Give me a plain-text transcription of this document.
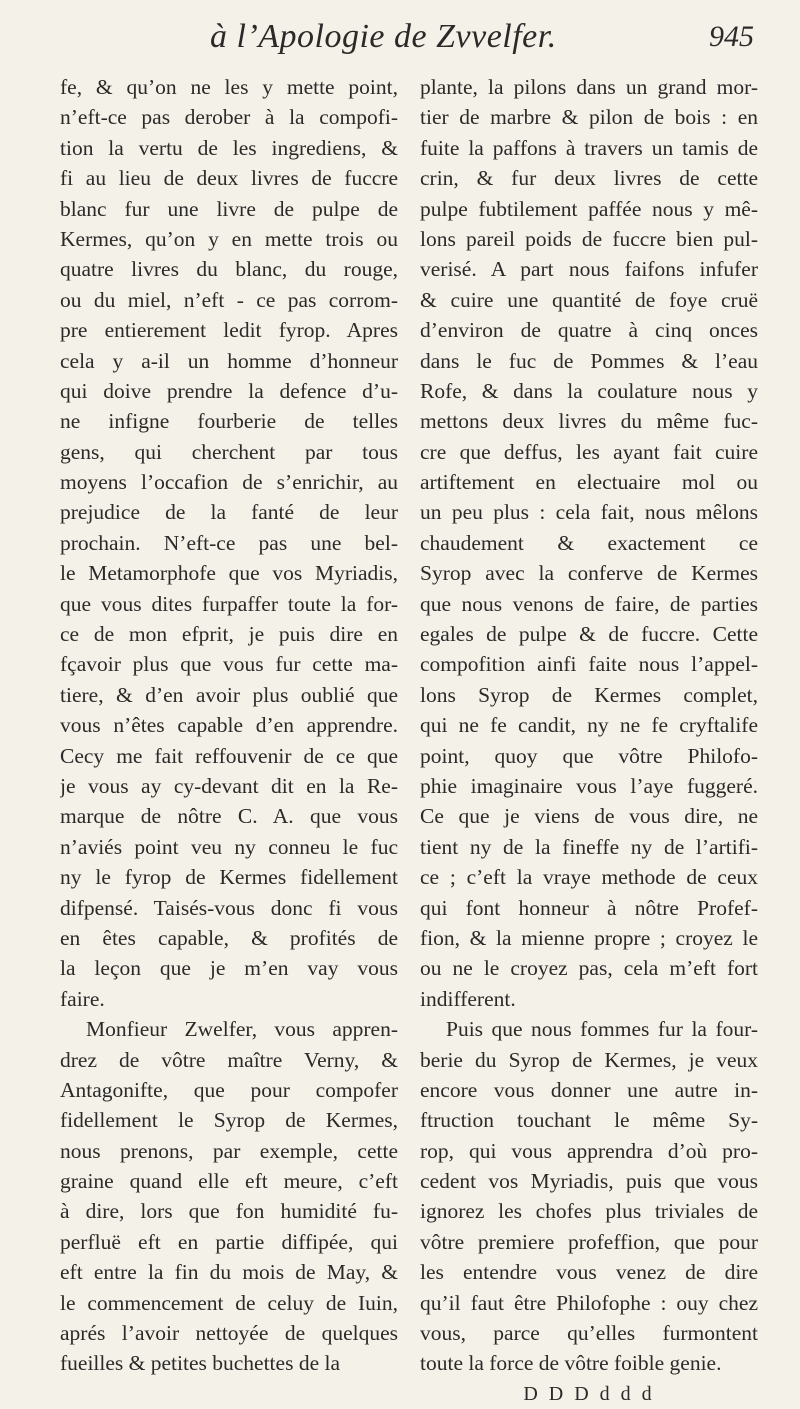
à l’Apologie de Zvvelfer.	945
fe, & qu’on ne les y mette point,
n’eft-ce pas derober à la compofi-
tion la vertu de les ingrediens, &
fi au lieu de deux livres de fuccre
blanc fur une livre de pulpe de
Kermes, qu’on y en mette trois ou
quatre livres du blanc, du rouge,
ou du miel, n’eft - ce pas corrom-
pre entierement ledit fyrop. Apres
cela y a-il un homme d’honneur
qui doive prendre la defence d’u-
ne infigne fourberie de telles
gens, qui cherchent par tous
moyens l’occafion de s’enrichir, au
prejudice de la fanté de leur
prochain. N’eft-ce pas une bel-
le Metamorphofe que vos Myriadis,
que vous dites furpaffer toute la for-
ce de mon efprit, je puis dire en
fçavoir plus que vous fur cette ma-
tiere, & d’en avoir plus oublié que
vous n’êtes capable d’en apprendre.
Cecy me fait reffouvenir de ce que
je vous ay cy-devant dit en la Re-
marque de nôtre C. A. que vous
n’aviés point veu ny conneu le fuc
ny le fyrop de Kermes fidellement
difpensé. Taisés-vous donc fi vous
en êtes capable, & profités de
la leçon que je m’en vay vous
faire.
Monfieur Zwelfer, vous appren-
drez de vôtre maître Verny, &
Antagonifte, que pour compofer
fidellement le Syrop de Kermes,
nous prenons, par exemple, cette
graine quand elle eft meure, c’eft
à dire, lors que fon humidité fu-
perfluë eft en partie diffipée, qui
eft entre la fin du mois de May, &
le commencement de celuy de Iuin,
aprés l’avoir nettoyée de quelques
fueilles & petites buchettes de la
plante, la pilons dans un grand mor-
tier de marbre & pilon de bois : en
fuite la paffons à travers un tamis de
crin, & fur deux livres de cette
pulpe fubtilement paffée nous y mê-
lons pareil poids de fuccre bien pul-
verisé. A part nous faifons infufer
& cuire une quantité de foye cruë
d’environ de quatre à cinq onces
dans le fuc de Pommes & l’eau
Rofe, & dans la coulature nous y
mettons deux livres du même fuc-
cre que deffus, les ayant fait cuire
artiftement en electuaire mol ou
un peu plus : cela fait, nous mêlons
chaudement & exactement ce
Syrop avec la conferve de Kermes
que nous venons de faire, de parties
egales de pulpe & de fuccre. Cette
compofition ainfi faite nous l’appel-
lons Syrop de Kermes complet,
qui ne fe candit, ny ne fe cryftalife
point, quoy que vôtre Philofo-
phie imaginaire vous l’aye fuggeré.
Ce que je viens de vous dire, ne
tient ny de la fineffe ny de l’artifi-
ce ; c’eft la vraye methode de ceux
qui font honneur à nôtre Profef-
fion, & la mienne propre ; croyez le
ou ne le croyez pas, cela m’eft fort
indifferent.
Puis que nous fommes fur la four-
berie du Syrop de Kermes, je veux
encore vous donner une autre in-
ftruction touchant le même Sy-
rop, qui vous apprendra d’où pro-
cedent vos Myriadis, puis que vous
ignorez les chofes plus triviales de
vôtre premiere profeffion, que pour
les entendre vous venez de dire
qu’il faut être Philofophe : ouy chez
vous, parce qu’elles furmontent
toute la force de vôtre foible genie.
D D D d d d
